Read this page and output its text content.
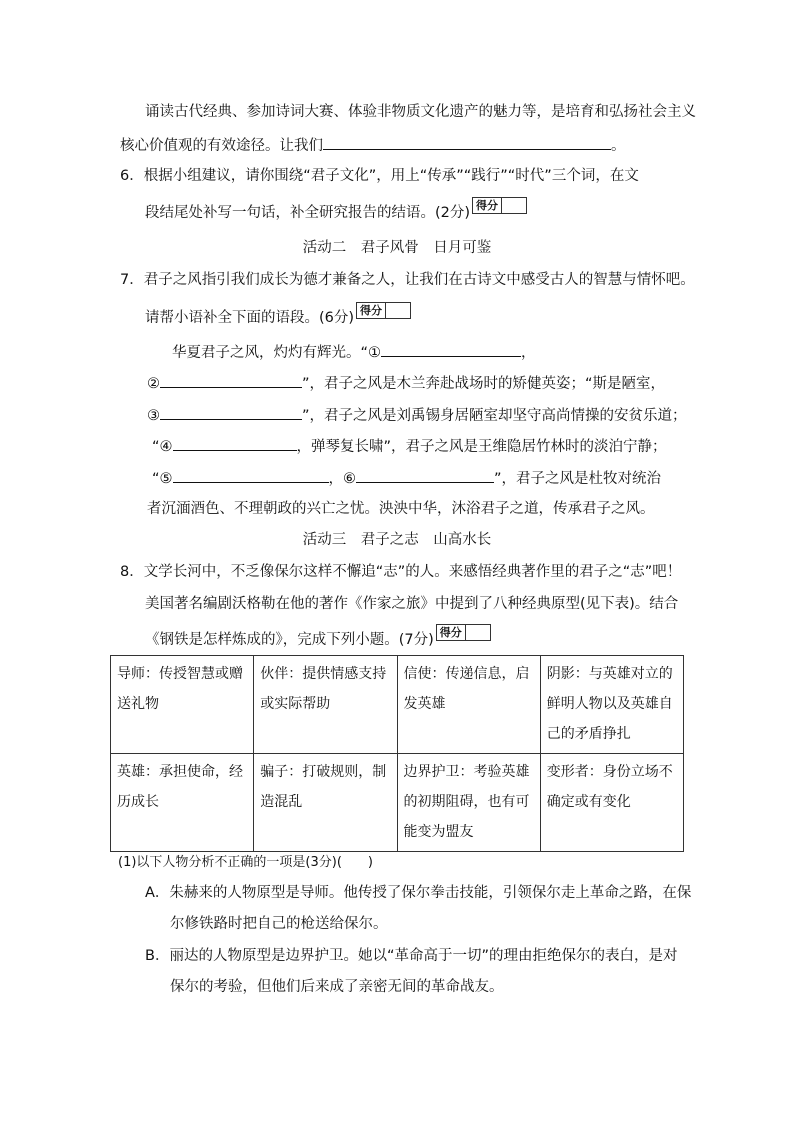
诵读古代经典、参加诗词大赛、体验非物质文化遗产的魅力等，是培育和弘扬社会主义
核心价值观的有效途径。让我们	。
6．根据小组建议，请你围绕“君子文化”，用上“传承”“践行”“时代”三个词，在文
段结尾处补写一句话，补全研究报告的结语。(2分) 得分
活动二　君子风骨　日月可鉴
7．君子之风指引我们成长为德才兼备之人，让我们在古诗文中感受古人的智慧与情怀吧。
请帮小语补全下面的语段。(6分) 得分
华夏君子之风，灼灼有辉光。“①	，
②	”，君子之风是木兰奔赴战场时的矫健英姿；“斯是陋室，
③	”，君子之风是刘禹锡身居陋室却坚守高尚情操的安贫乐道；
“④	，弹琴复长啸”，君子之风是王维隐居竹林时的淡泊宁静；
“⑤	，⑥	”，君子之风是杜牧对统治
者沉湎酒色、不理朝政的兴亡之忧。泱泱中华，沐浴君子之道，传承君子之风。
活动三　君子之志　山高水长
8．文学长河中，不乏像保尔这样不懈追“志”的人。来感悟经典著作里的君子之“志”吧！
美国著名编剧沃格勒在他的著作《作家之旅》中提到了八种经典原型(见下表)。结合
《钢铁是怎样炼成的》，完成下列小题。(7分) 得分
导师：传授智慧或赠送礼物	伙伴：提供情感支持或实际帮助	信使：传递信息，启发英雄	阴影：与英雄对立的鲜明人物以及英雄自己的矛盾挣扎
英雄：承担使命，经历成长	骗子：打破规则，制造混乱	边界护卫：考验英雄的初期阻碍，也有可能变为盟友	变形者：身份立场不确定或有变化
(1)以下人物分析不正确的一项是(3分)(　　)
A．朱赫来的人物原型是导师。他传授了保尔拳击技能，引领保尔走上革命之路，在保
尔修铁路时把自己的枪送给保尔。
B．丽达的人物原型是边界护卫。她以“革命高于一切”的理由拒绝保尔的表白，是对
保尔的考验，但他们后来成了亲密无间的革命战友。
